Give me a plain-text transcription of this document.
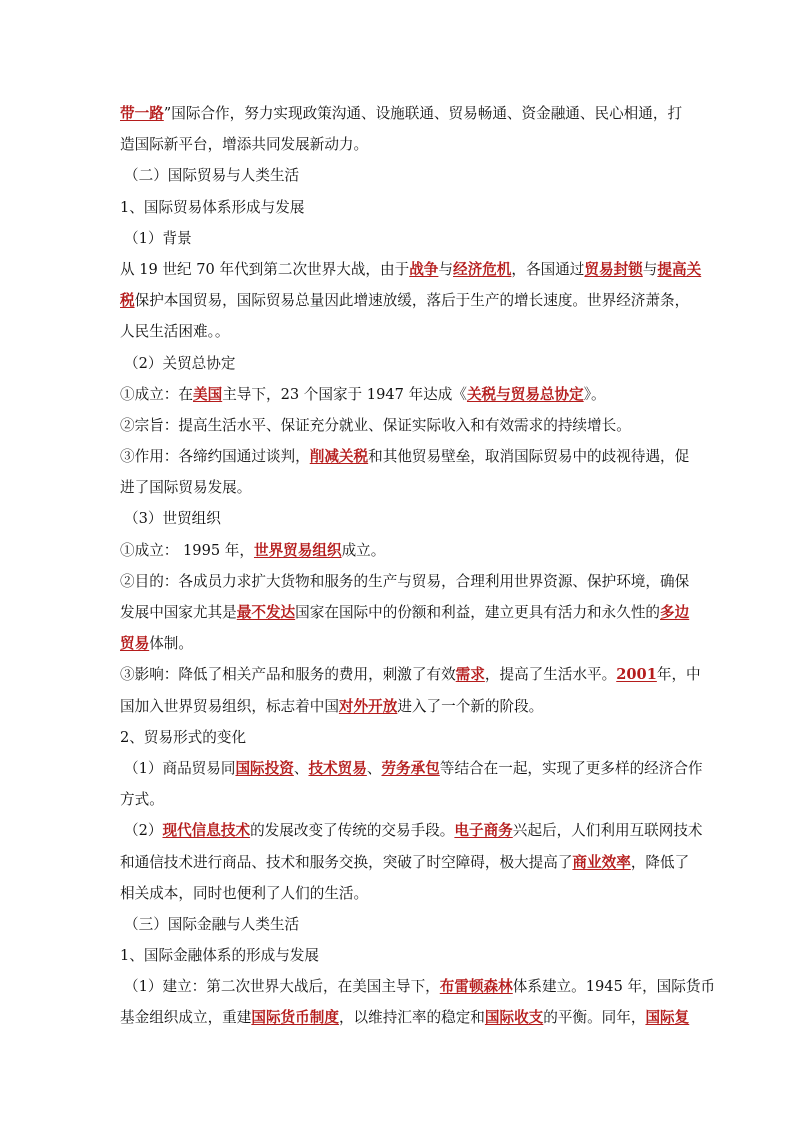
带一路”国际合作，努力实现政策沟通、设施联通、贸易畅通、资金融通、民心相通，打
造国际新平台，增添共同发展新动力。
（二）国际贸易与人类生活
1、国际贸易体系形成与发展
（1）背景
从 19 世纪 70 年代到第二次世界大战，由于战争与经济危机，各国通过贸易封锁与提高关
税保护本国贸易，国际贸易总量因此增速放缓，落后于生产的增长速度。世界经济萧条，
人民生活困难。。
（2）关贸总协定
①成立：在美国主导下，23 个国家于 1947 年达成《关税与贸易总协定》。
②宗旨：提高生活水平、保证充分就业、保证实际收入和有效需求的持续增长。
③作用：各缔约国通过谈判，削减关税和其他贸易壁垒，取消国际贸易中的歧视待遇，促
进了国际贸易发展。
（3）世贸组织
①成立： 1995 年，世界贸易组织成立。
②目的：各成员力求扩大货物和服务的生产与贸易，合理利用世界资源、保护环境，确保
发展中国家尤其是最不发达国家在国际中的份额和利益，建立更具有活力和永久性的多边
贸易体制。
③影响：降低了相关产品和服务的费用，刺激了有效需求，提高了生活水平。2001年，中
国加入世界贸易组织，标志着中国对外开放进入了一个新的阶段。
2、贸易形式的变化
（1）商品贸易同国际投资、技术贸易、劳务承包等结合在一起，实现了更多样的经济合作
方式。
（2）现代信息技术的发展改变了传统的交易手段。电子商务兴起后，人们利用互联网技术
和通信技术进行商品、技术和服务交换，突破了时空障碍，极大提高了商业效率，降低了
相关成本，同时也便利了人们的生活。
（三）国际金融与人类生活
1、国际金融体系的形成与发展
（1）建立：第二次世界大战后，在美国主导下，布雷顿森林体系建立。1945 年，国际货币
基金组织成立，重建国际货币制度，以维持汇率的稳定和国际收支的平衡。同年，国际复
